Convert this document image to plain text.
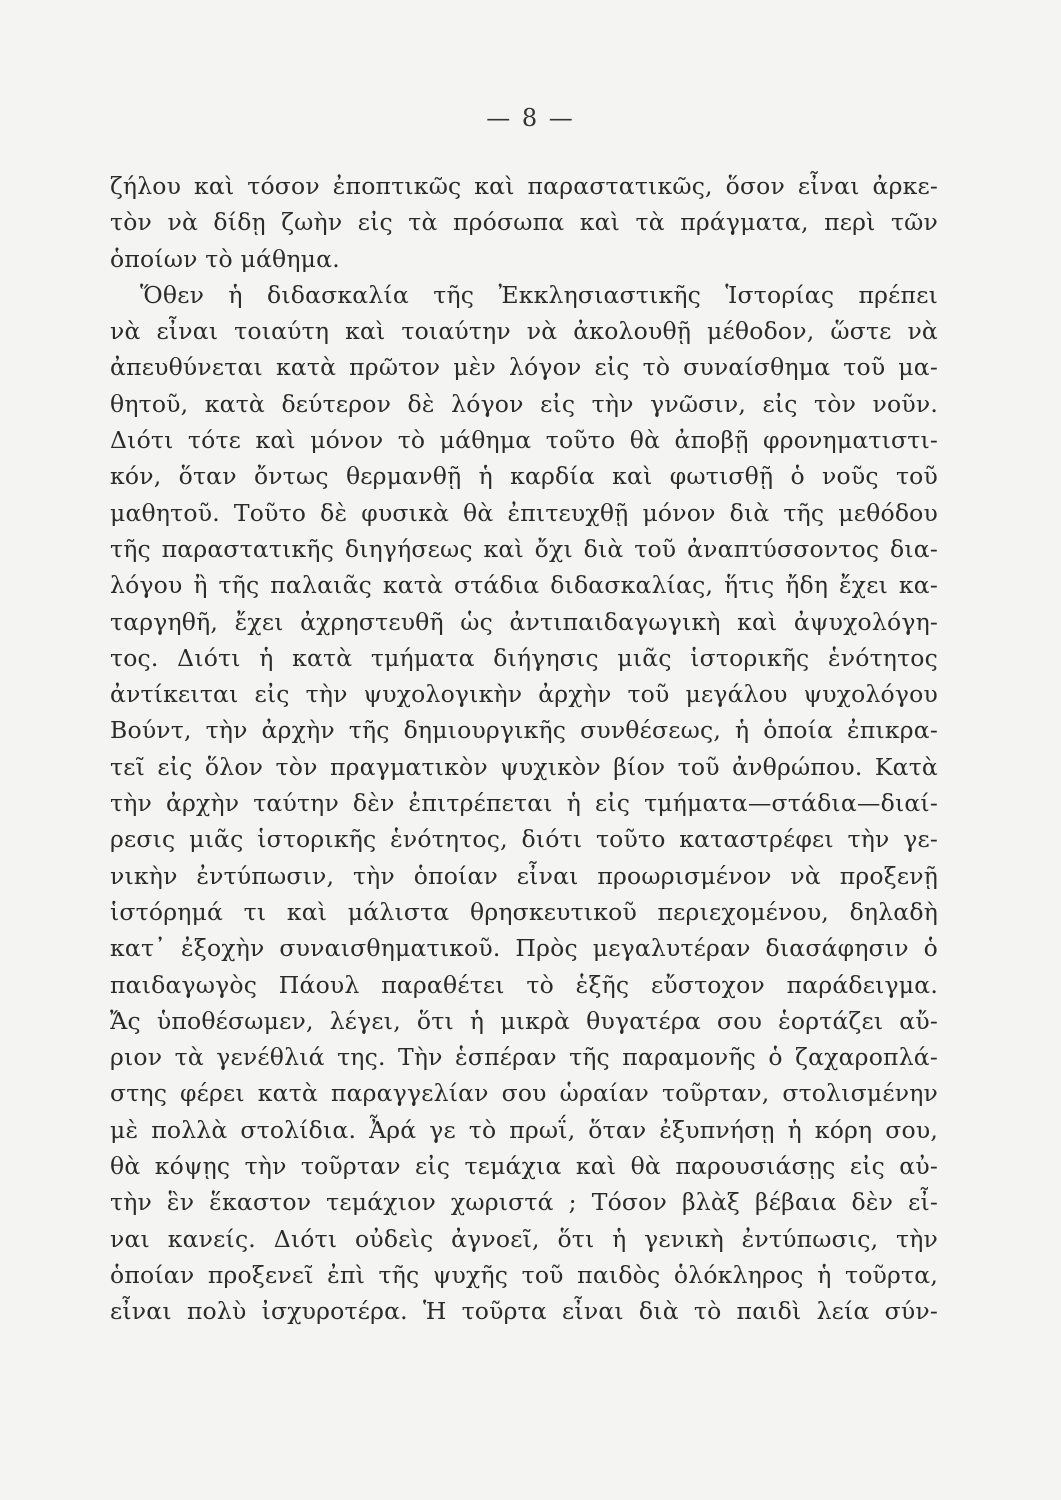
— 8 —
ζήλου καὶ τόσον ἐποπτικῶς καὶ παραστατικῶς, ὅσον εἶναι ἀρκε-
τὸν νὰ δίδῃ ζωὴν εἰς τὰ πρόσωπα καὶ τὰ πράγματα, περὶ τῶν
ὁποίων τὸ μάθημα.
Ὅθεν ἡ διδασκαλία τῆς Ἐκκλησιαστικῆς Ἱστορίας πρέπει
νὰ εἶναι τοιαύτη καὶ τοιαύτην νὰ ἀκολουθῇ μέθοδον, ὥστε νὰ
ἀπευθύνεται κατὰ πρῶτον μὲν λόγον εἰς τὸ συναίσθημα τοῦ μα-
θητοῦ, κατὰ δεύτερον δὲ λόγον εἰς τὴν γνῶσιν, εἰς τὸν νοῦν.
Διότι τότε καὶ μόνον τὸ μάθημα τοῦτο θὰ ἀποβῇ φρονηματιστι-
κόν, ὅταν ὄντως θερμανθῇ ἡ καρδία καὶ φωτισθῇ ὁ νοῦς τοῦ
μαθητοῦ. Τοῦτο δὲ φυσικὰ θὰ ἐπιτευχθῇ μόνον διὰ τῆς μεθόδου
τῆς παραστατικῆς διηγήσεως καὶ ὄχι διὰ τοῦ ἀναπτύσσοντος δια-
λόγου ἢ τῆς παλαιᾶς κατὰ στάδια διδασκαλίας, ἥτις ἤδη ἔχει κα-
ταργηθῆ, ἔχει ἀχρηστευθῆ ὡς ἀντιπαιδαγωγικὴ καὶ ἀψυχολόγη-
τος. Διότι ἡ κατὰ τμήματα διήγησις μιᾶς ἱστορικῆς ἑνότητος
ἀντίκειται εἰς τὴν ψυχολογικὴν ἀρχὴν τοῦ μεγάλου ψυχολόγου
Βούντ, τὴν ἀρχὴν τῆς δημιουργικῆς συνθέσεως, ἡ ὁποία ἐπικρα-
τεῖ εἰς ὅλον τὸν πραγματικὸν ψυχικὸν βίον τοῦ ἀνθρώπου. Κατὰ
τὴν ἀρχὴν ταύτην δὲν ἐπιτρέπεται ἡ εἰς τμήματα—στάδια—διαί-
ρεσις μιᾶς ἱστορικῆς ἑνότητος, διότι τοῦτο καταστρέφει τὴν γε-
νικὴν ἐντύπωσιν, τὴν ὁποίαν εἶναι προωρισμένον νὰ προξενῇ
ἱστόρημά τι καὶ μάλιστα θρησκευτικοῦ περιεχομένου, δηλαδὴ
κατ᾽ ἐξοχὴν συναισθηματικοῦ. Πρὸς μεγαλυτέραν διασάφησιν ὁ
παιδαγωγὸς Πάουλ παραθέτει τὸ ἑξῆς εὔστοχον παράδειγμα.
Ἄς ὑποθέσωμεν, λέγει, ὅτι ἡ μικρὰ θυγατέρα σου ἑορτάζει αὔ-
ριον τὰ γενέθλιά της. Τὴν ἑσπέραν τῆς παραμονῆς ὁ ζαχαροπλά-
στης φέρει κατὰ παραγγελίαν σου ὡραίαν τοῦρταν, στολισμένην
μὲ πολλὰ στολίδια. Ἆρά γε τὸ πρωΐ, ὅταν ἐξυπνήσῃ ἡ κόρη σου,
θὰ κόψῃς τὴν τοῦρταν εἰς τεμάχια καὶ θὰ παρουσιάσῃς εἰς αὐ-
τὴν ἓν ἕκαστον τεμάχιον χωριστά ; Τόσον βλὰξ βέβαια δὲν εἶ-
ναι κανείς. Διότι οὐδεὶς ἀγνοεῖ, ὅτι ἡ γενικὴ ἐντύπωσις, τὴν
ὁποίαν προξενεῖ ἐπὶ τῆς ψυχῆς τοῦ παιδὸς ὁλόκληρος ἡ τοῦρτα,
εἶναι πολὺ ἰσχυροτέρα. Ἡ τοῦρτα εἶναι διὰ τὸ παιδὶ λεία σύν-
